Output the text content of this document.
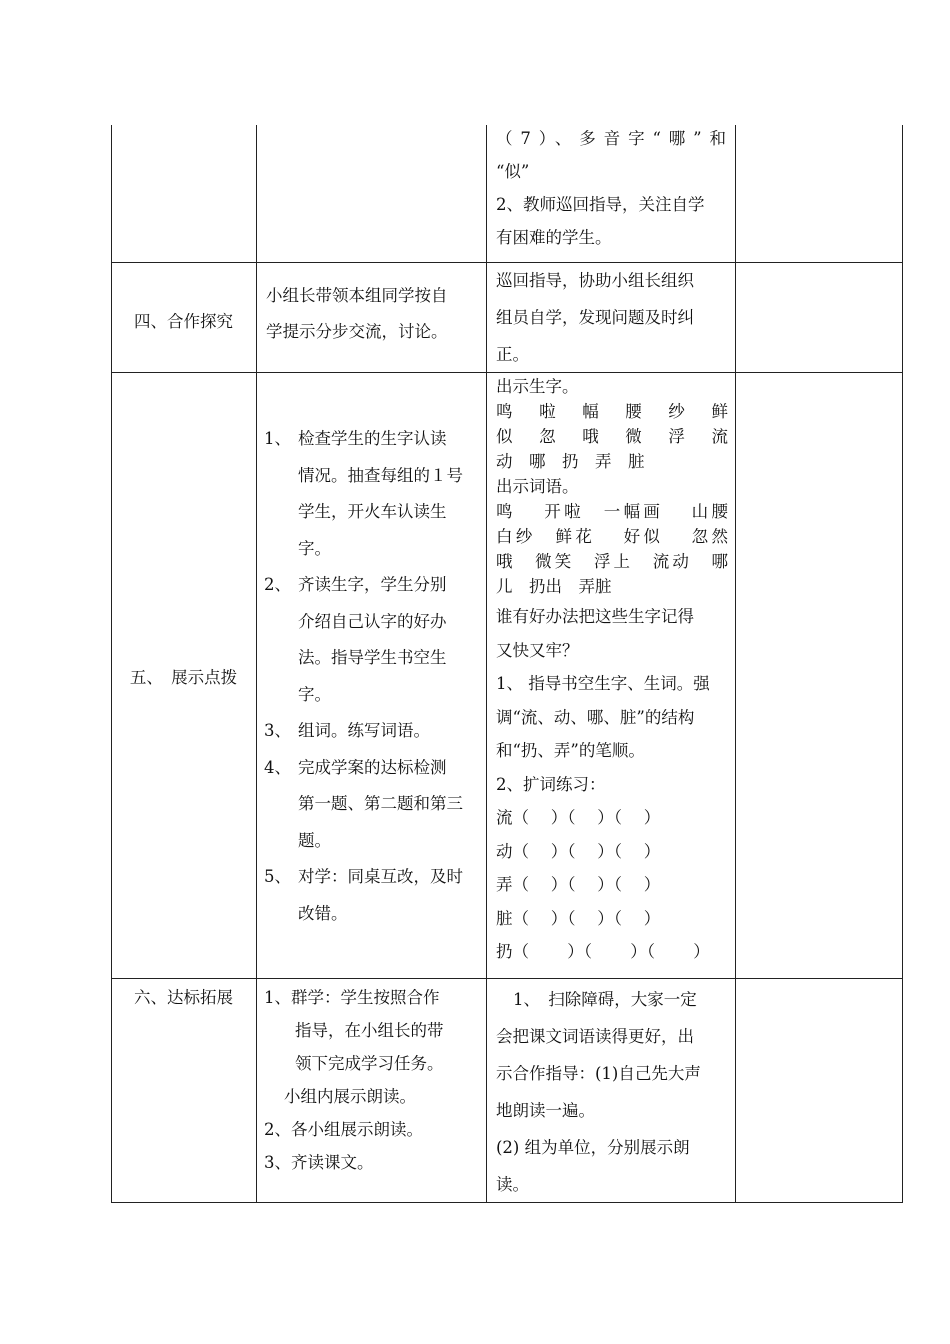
（7）、多音字“哪”和
“似”
2、教师巡回指导，关注自学
有困难的学生。
四、合作探究
小组长带领本组同学按自
学提示分步交流，讨论。
巡回指导，协助小组长组织
组员自学，发现问题及时纠
正。
五、　展示点拨
1、 检查学生的生字认读
情况。抽查每组的１号
学生，开火车认读生
字。
2、 齐读生字，学生分别
介绍自己认字的好办
法。指导学生书空生
字。
3、 组词。练写词语。
4、 完成学案的达标检测
第一题、第二题和第三
题。
5、 对学：同桌互改，及时
改错。
出示生字。
鸣　啦　幅　腰　纱　鲜
似　忽　哦　微　浮　流
动　哪　扔　弄　脏
出示词语。
鸣　 开啦　一幅画　 山腰
白纱　鲜花　 好似　 忽然
哦　微笑　浮上　流动　哪
儿　扔出　弄脏
谁有好办法把这些生字记得
又快又牢？
1、 指导书空生字、生词。强
调“流、动、哪、脏”的结构
和“扔、弄”的笔顺。
2、扩词练习：
流（　 ）（　 ）（　 ）
动（　 ）（　 ）（　 ）
弄（　 ）（　 ）（　 ）
脏（　 ）（　 ）（　 ）
扔（　　 ）（　　 ）（　　 ）
六、达标拓展	1、群学：学生按照合作
指导，在小组长的带
领下完成学习任务。
小组内展示朗读。
2、各小组展示朗读。
3、齐读课文。
1、　扫除障碍，大家一定
会把课文词语读得更好，出
示合作指导：(1)自己先大声
地朗读一遍。
(2) 组为单位，分别展示朗
读。
